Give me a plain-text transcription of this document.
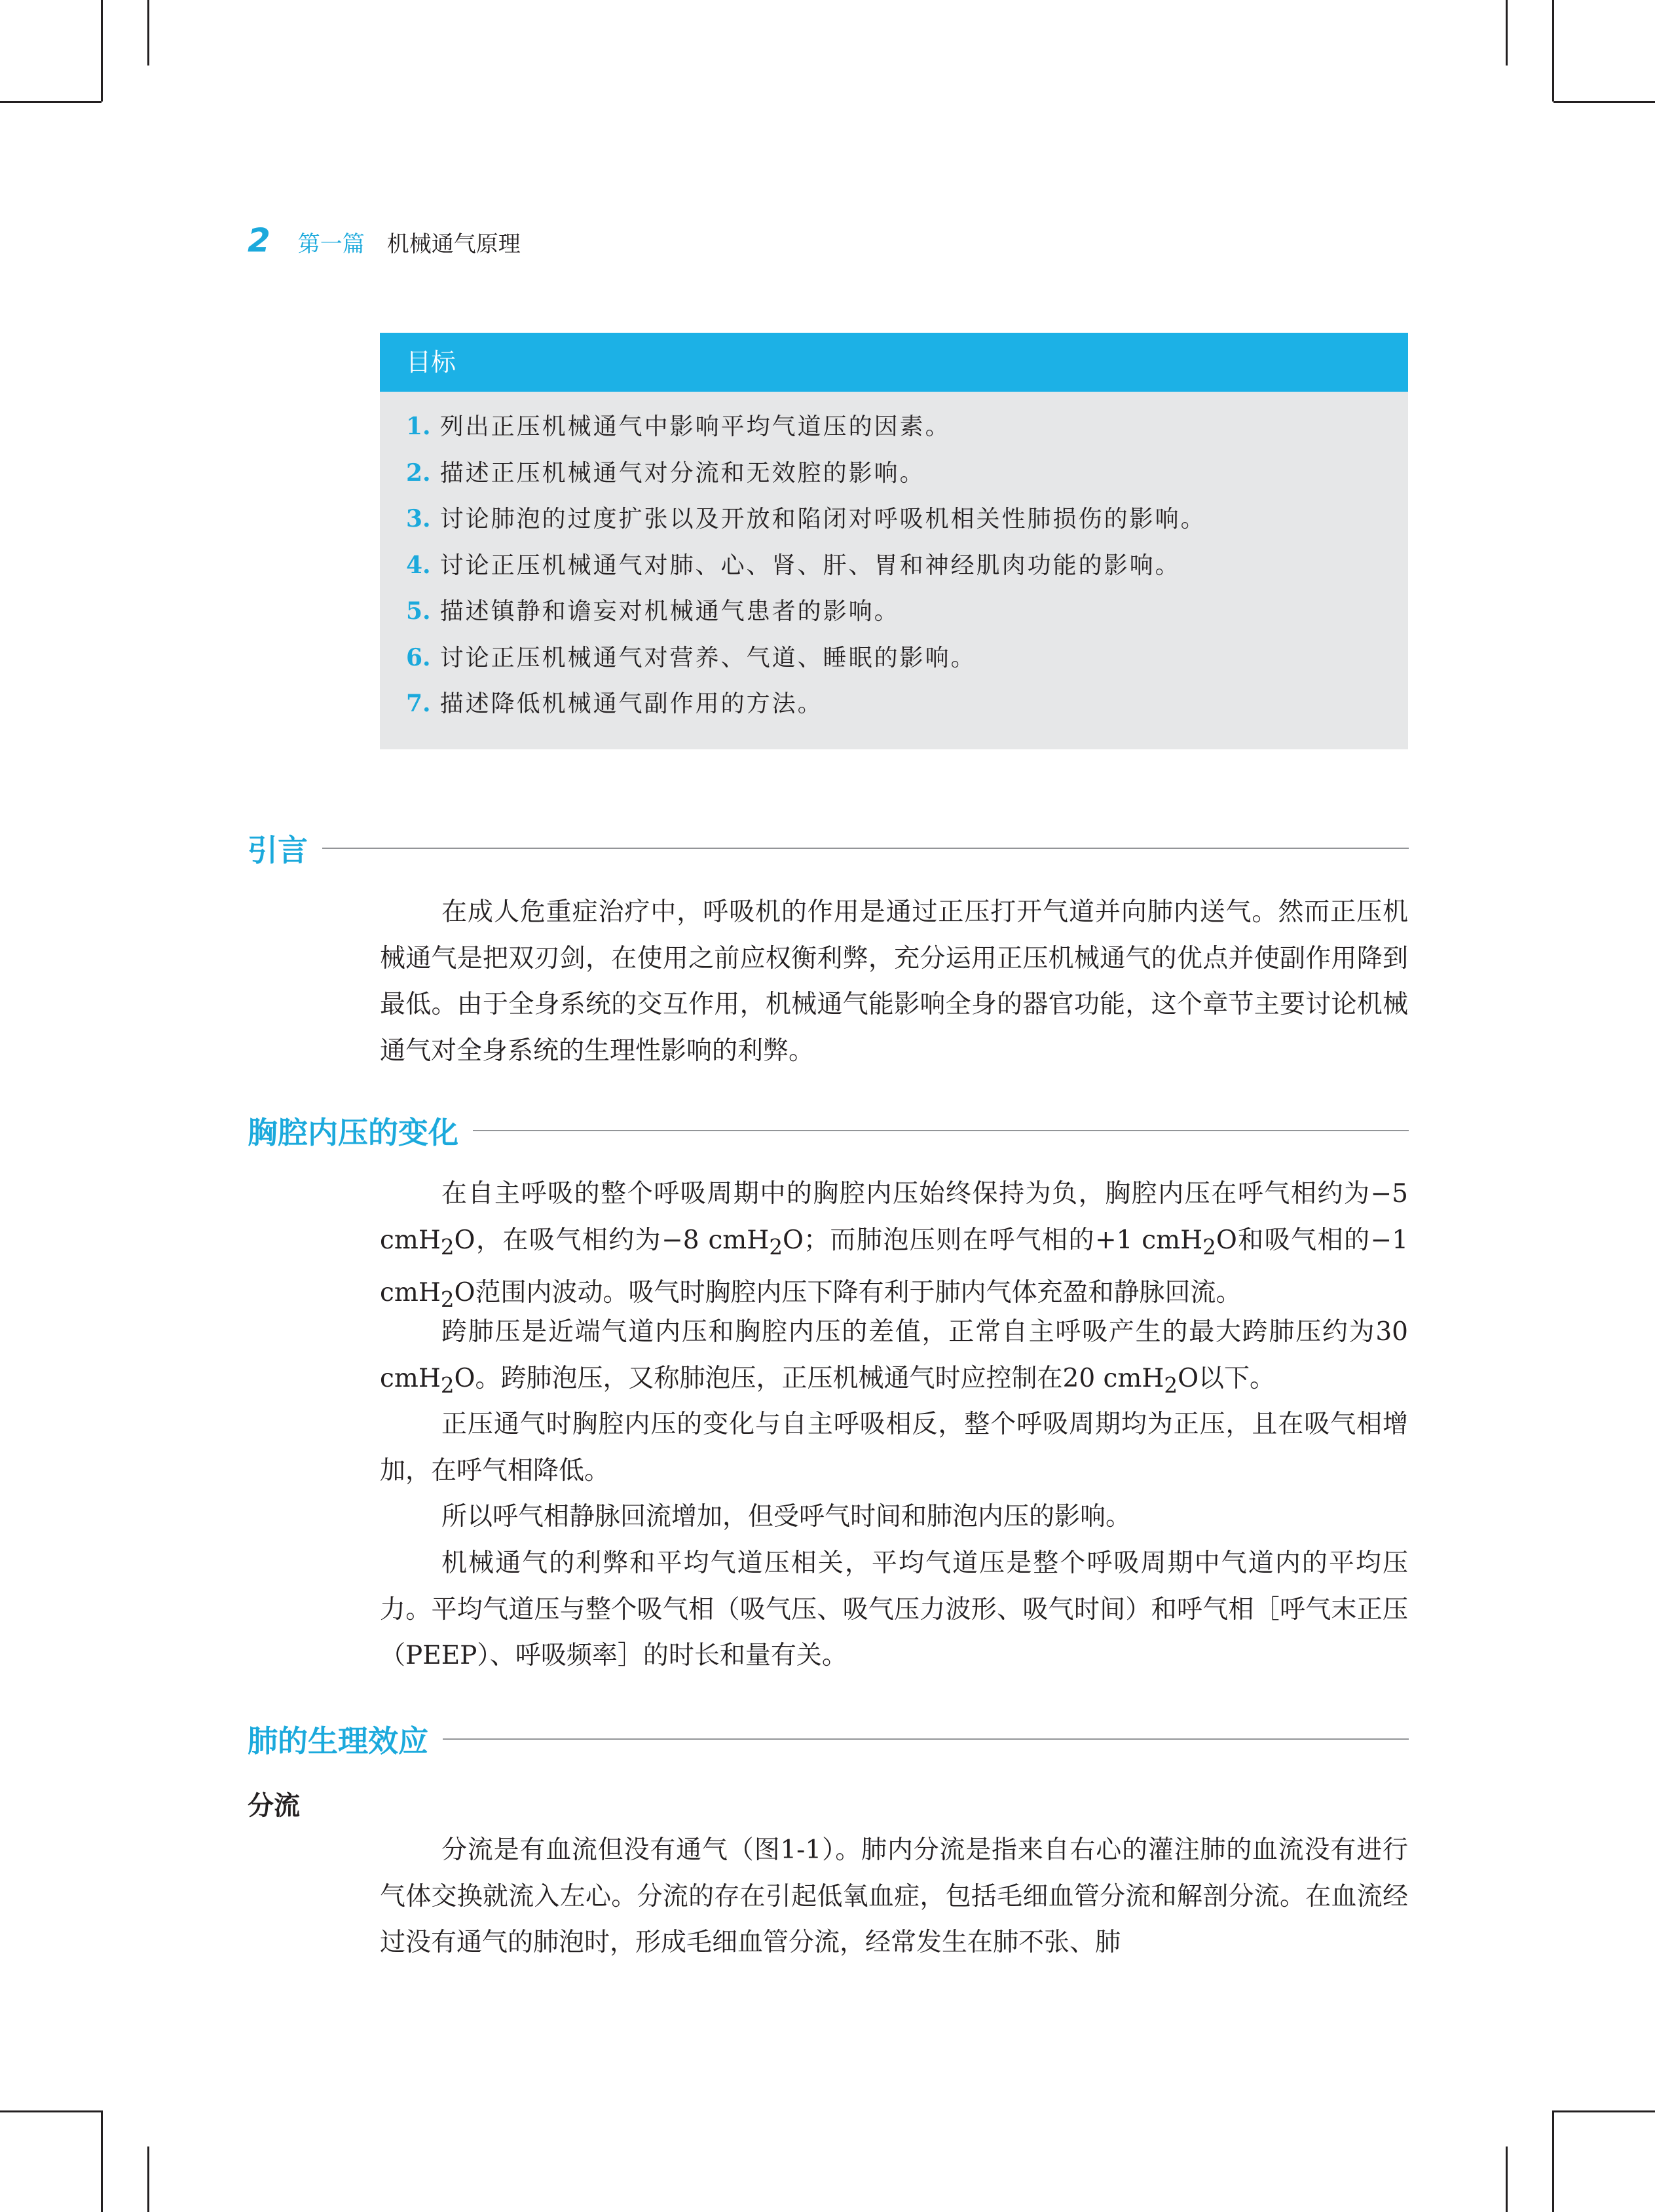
2 第一篇 机械通气原理
目标
1. 列出正压机械通气中影响平均气道压的因素。
2. 描述正压机械通气对分流和无效腔的影响。
3. 讨论肺泡的过度扩张以及开放和陷闭对呼吸机相关性肺损伤的影响。
4. 讨论正压机械通气对肺、心、肾、肝、胃和神经肌肉功能的影响。
5. 描述镇静和谵妄对机械通气患者的影响。
6. 讨论正压机械通气对营养、气道、睡眠的影响。
7. 描述降低机械通气副作用的方法。
引言

在成人危重症治疗中，呼吸机的作用是通过正压打开气道并向肺内送气。然而正压机械通气是把双刃剑，在使用之前应权衡利弊，充分运用正压机械通气的优点并使副作用降到最低。由于全身系统的交互作用，机械通气能影响全身的器官功能，这个章节主要讨论机械通气对全身系统的生理性影响的利弊。

胸腔内压的变化

在自主呼吸的整个呼吸周期中的胸腔内压始终保持为负，胸腔内压在呼气相约为−5 cmH$_2$O，在吸气相约为−8 cmH$_2$O；而肺泡压则在呼气相的+1 cmH$_2$O和吸气相的−1 cmH$_2$O范围内波动。吸气时胸腔内压下降有利于肺内气体充盈和静脉回流。

跨肺压是近端气道内压和胸腔内压的差值，正常自主呼吸产生的最大跨肺压约为30 cmH$_2$O。跨肺泡压，又称肺泡压，正压机械通气时应控制在20 cmH$_2$O以下。

正压通气时胸腔内压的变化与自主呼吸相反，整个呼吸周期均为正压，且在吸气相增加，在呼气相降低。

所以呼气相静脉回流增加，但受呼气时间和肺泡内压的影响。

机械通气的利弊和平均气道压相关，平均气道压是整个呼吸周期中气道内的平均压力。平均气道压与整个吸气相（吸气压、吸气压力波形、吸气时间）和呼气相［呼气末正压（PEEP）、呼吸频率］的时长和量有关。

肺的生理效应
分流

分流是有血流但没有通气（图1-1）。肺内分流是指来自右心的灌注肺的血流没有进行气体交换就流入左心。分流的存在引起低氧血症，包括毛细血管分流和解剖分流。在血流经过没有通气的肺泡时，形成毛细血管分流，经常发生在肺不张、肺
